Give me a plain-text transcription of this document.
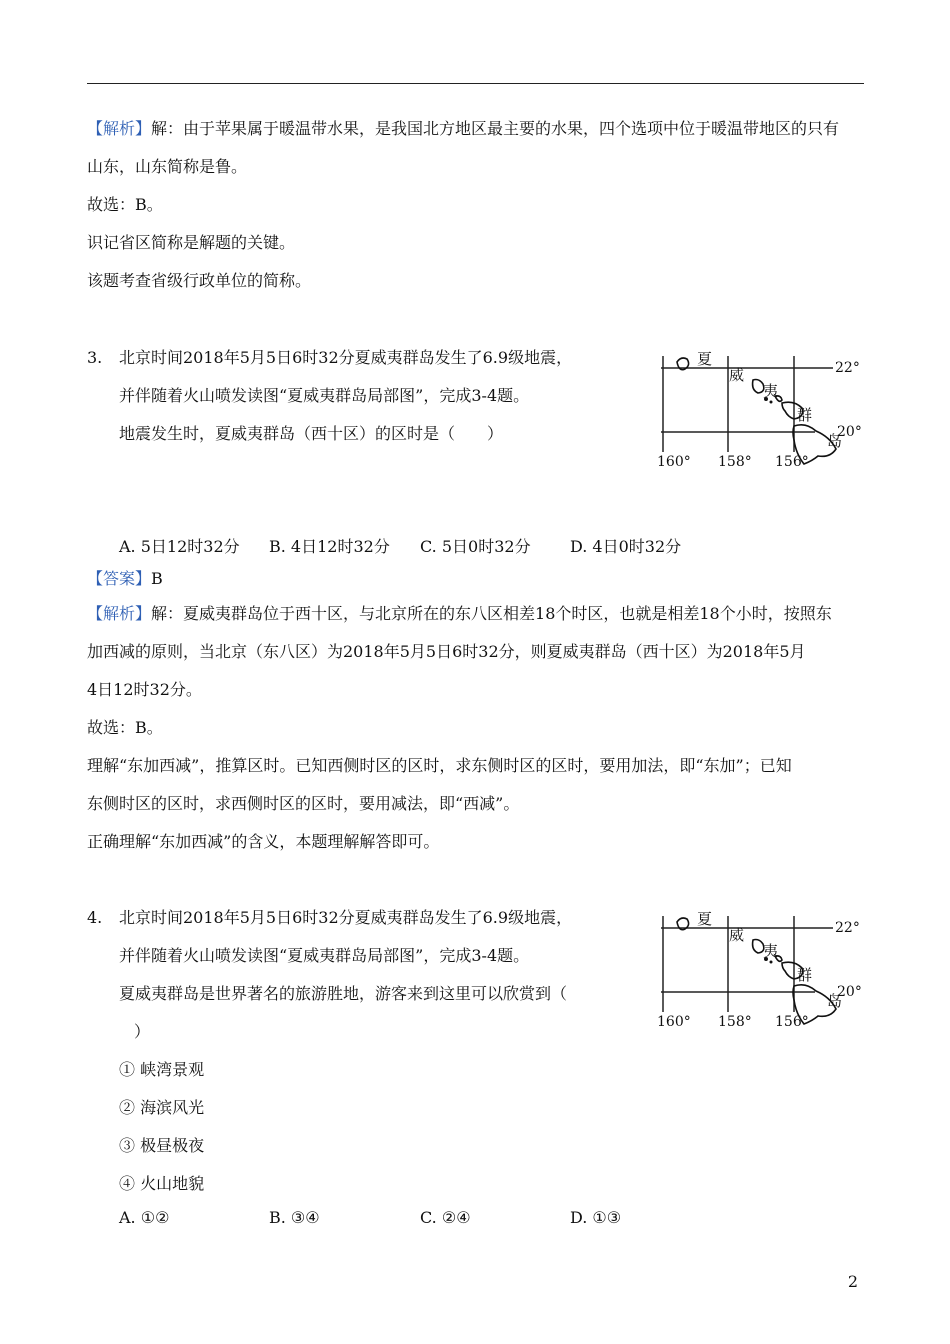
【解析】解：由于苹果属于暖温带水果，是我国北方地区最主要的水果，四个选项中位于暖温带地区的只有
山东，山东简称是鲁。
故选：B。
识记省区简称是解题的关键。
该题考查省级行政单位的简称。
3. 北京时间2018年5月5日6时32分夏威夷群岛发生了6.9级地震，
并伴随着火山喷发读图“夏威夷群岛局部图”，完成3-4题。
地震发生时，夏威夷群岛（西十区）的区时是（　　）
夏
威
夷
群
岛
22°
20°
160° 158° 156°
A. 5日12时32分 B. 4日12时32分 C. 5日0时32分 D. 4日0时32分
【答案】B
【解析】解：夏威夷群岛位于西十区，与北京所在的东八区相差18个时区，也就是相差18个小时，按照东
加西减的原则，当北京（东八区）为2018年5月5日6时32分，则夏威夷群岛（西十区）为2018年5月
4日12时32分。
故选：B。
理解“东加西减”，推算区时。已知西侧时区的区时，求东侧时区的区时，要用加法，即“东加”；已知
东侧时区的区时，求西侧时区的区时，要用减法，即“西减”。
正确理解“东加西减”的含义，本题理解解答即可。
4. 北京时间2018年5月5日6时32分夏威夷群岛发生了6.9级地震，
并伴随着火山喷发读图“夏威夷群岛局部图”，完成3-4题。
夏威夷群岛是世界著名的旅游胜地，游客来到这里可以欣赏到（
）
夏
威
夷
群
岛
22°
20°
160° 158° 156°
① 峡湾景观
② 海滨风光
③ 极昼极夜
④ 火山地貌
A. ①②	B. ③④	C. ②④	D. ①③
2
